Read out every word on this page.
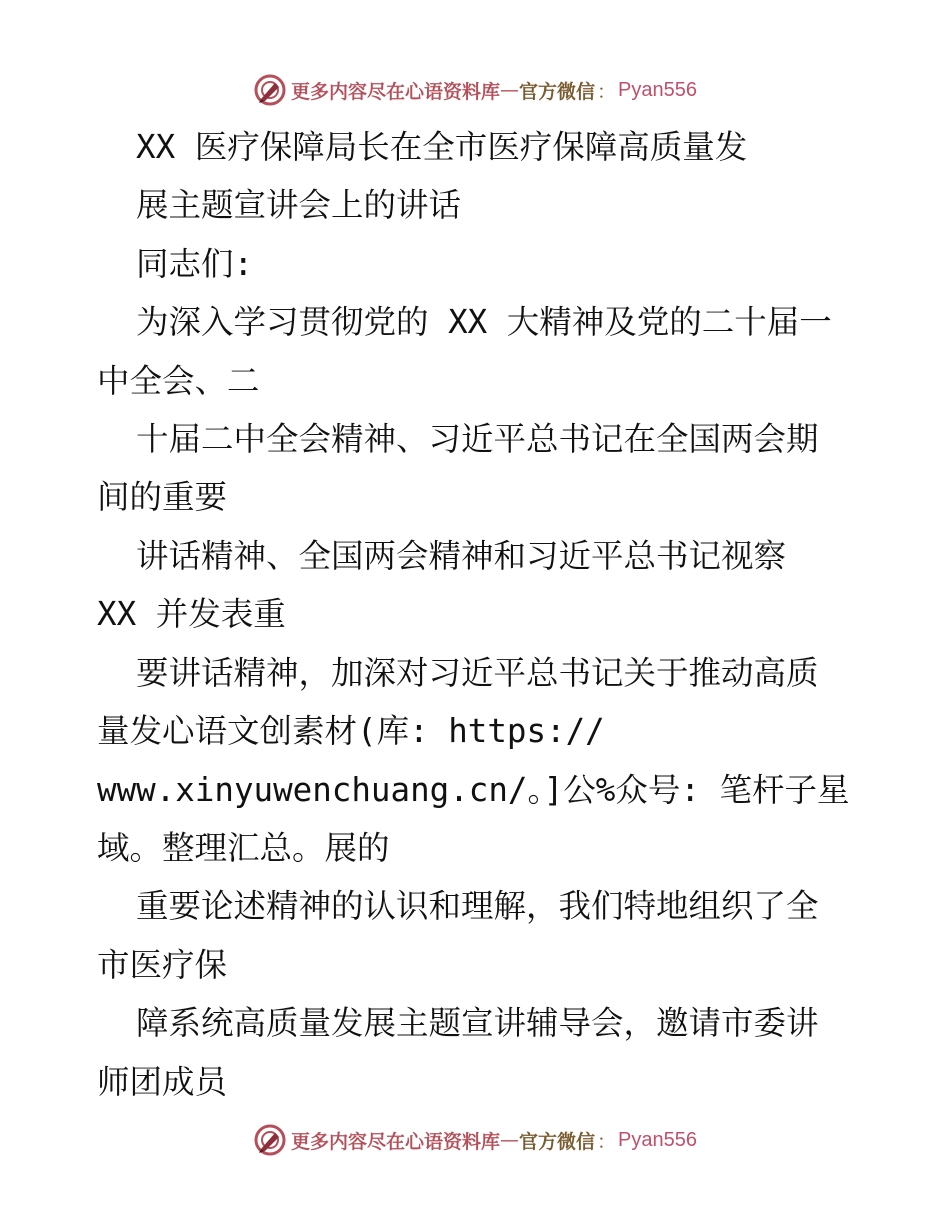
更多内容尽在心语资料库 — 官方微信 ： Pyan556
XX 医疗保障局长在全市医疗保障高质量发
展主题宣讲会上的讲话
同志们:
为深入学习贯彻党的 XX 大精神及党的二十届一
中全会、二
十届二中全会精神、习近平总书记在全国两会期
间的重要
讲话精神、全国两会精神和习近平总书记视察
XX 并发表重
要讲话精神，加深对习近平总书记关于推动高质
量发心语文创素材(库: https://
www.xinyuwenchuang.cn/。]公%众号: 笔杆子星
域。整理汇总。展的
重要论述精神的认识和理解，我们特地组织了全
市医疗保
障系统高质量发展主题宣讲辅导会，邀请市委讲
师团成员
更多内容尽在心语资料库 — 官方微信 ： Pyan556
